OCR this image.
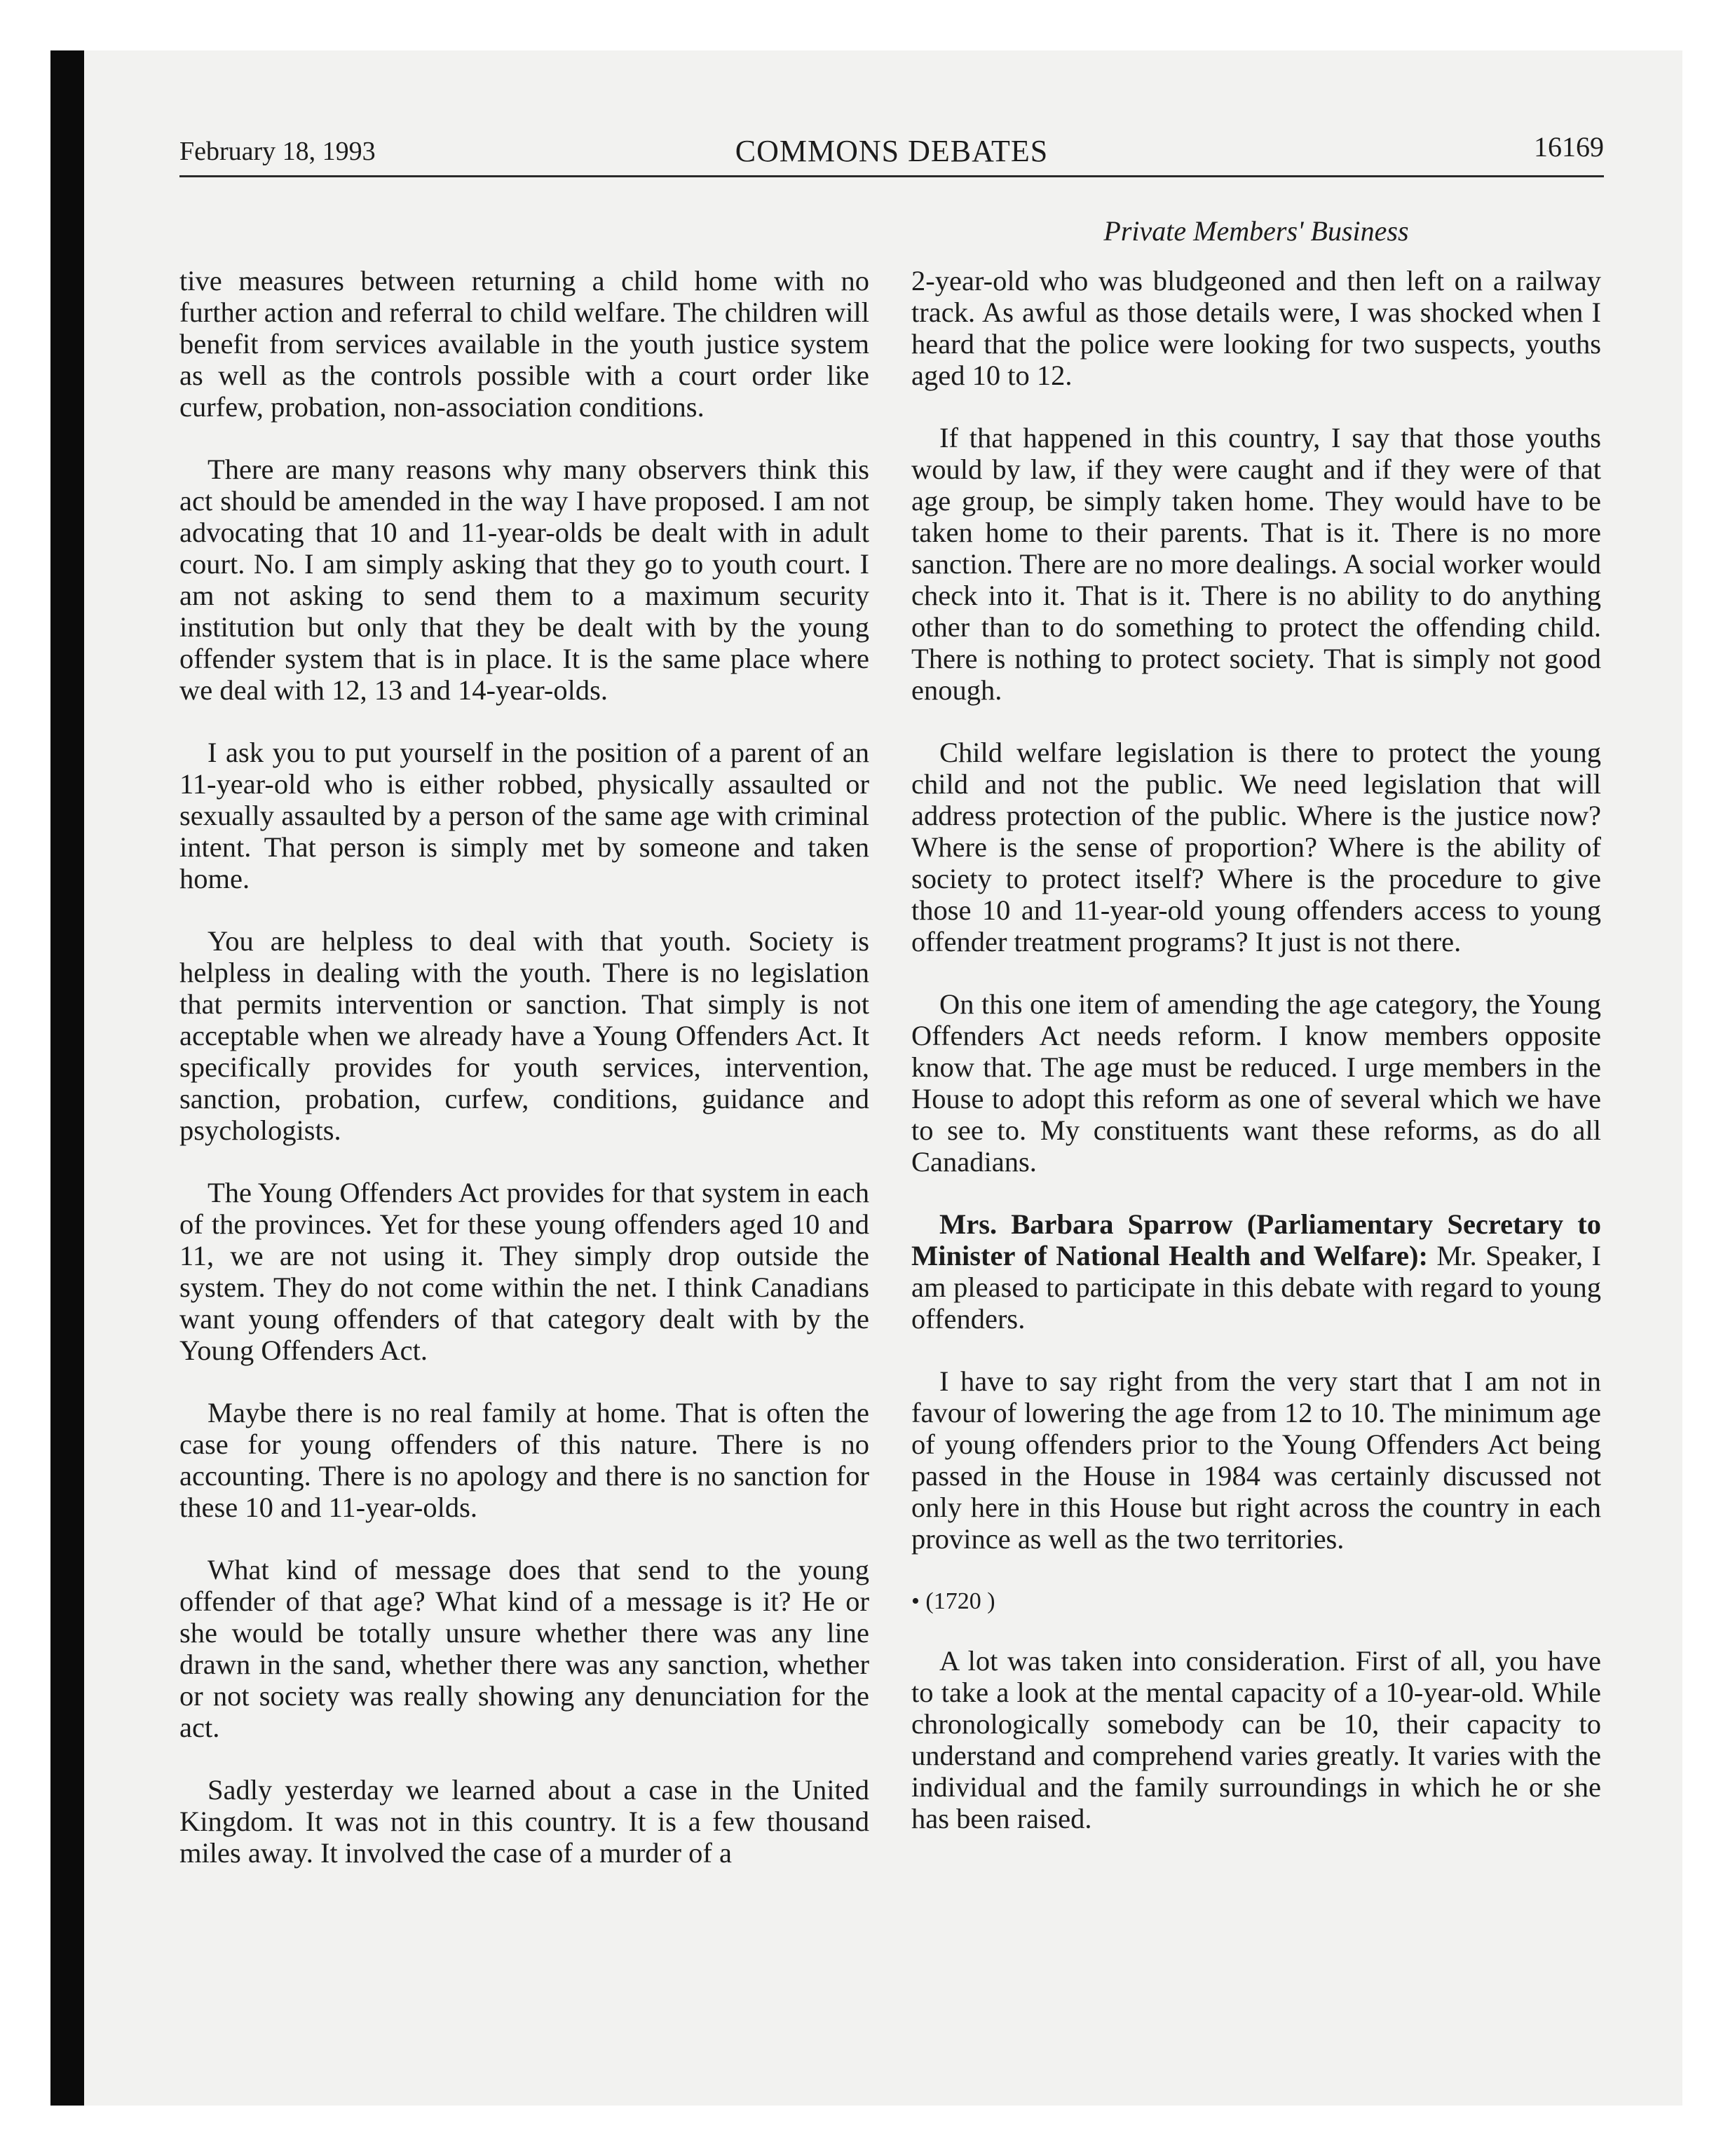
February 18, 1993	COMMONS DEBATES	16169
Private Members' Business

tive measures between returning a child home with no further action and referral to child welfare. The children will benefit from services available in the youth justice system as well as the controls possible with a court order like curfew, probation, non-association conditions.

There are many reasons why many observers think this act should be amended in the way I have proposed. I am not advocating that 10 and 11-year-olds be dealt with in adult court. No. I am simply asking that they go to youth court. I am not asking to send them to a maximum security institution but only that they be dealt with by the young offender system that is in place. It is the same place where we deal with 12, 13 and 14-year-olds.

I ask you to put yourself in the position of a parent of an 11-year-old who is either robbed, physically assaulted or sexually assaulted by a person of the same age with criminal intent. That person is simply met by someone and taken home.

You are helpless to deal with that youth. Society is helpless in dealing with the youth. There is no legislation that permits intervention or sanction. That simply is not acceptable when we already have a Young Offenders Act. It specifically provides for youth services, intervention, sanction, probation, curfew, conditions, guidance and psychologists.

The Young Offenders Act provides for that system in each of the provinces. Yet for these young offenders aged 10 and 11, we are not using it. They simply drop outside the system. They do not come within the net. I think Canadians want young offenders of that category dealt with by the Young Offenders Act.

Maybe there is no real family at home. That is often the case for young offenders of this nature. There is no accounting. There is no apology and there is no sanction for these 10 and 11-year-olds.

What kind of message does that send to the young offender of that age? What kind of a message is it? He or she would be totally unsure whether there was any line drawn in the sand, whether there was any sanction, whether or not society was really showing any denunciation for the act.

Sadly yesterday we learned about a case in the United Kingdom. It was not in this country. It is a few thousand miles away. It involved the case of a murder of a

2-year-old who was bludgeoned and then left on a railway track. As awful as those details were, I was shocked when I heard that the police were looking for two suspects, youths aged 10 to 12.

If that happened in this country, I say that those youths would by law, if they were caught and if they were of that age group, be simply taken home. They would have to be taken home to their parents. That is it. There is no more sanction. There are no more dealings. A social worker would check into it. That is it. There is no ability to do anything other than to do something to protect the offending child. There is nothing to protect society. That is simply not good enough.

Child welfare legislation is there to protect the young child and not the public. We need legislation that will address protection of the public. Where is the justice now? Where is the sense of proportion? Where is the ability of society to protect itself? Where is the procedure to give those 10 and 11-year-old young offenders access to young offender treatment programs? It just is not there.

On this one item of amending the age category, the Young Offenders Act needs reform. I know members opposite know that. The age must be reduced. I urge members in the House to adopt this reform as one of several which we have to see to. My constituents want these reforms, as do all Canadians.

Mrs. Barbara Sparrow (Parliamentary Secretary to Minister of National Health and Welfare): Mr. Speaker, I am pleased to participate in this debate with regard to young offenders.

I have to say right from the very start that I am not in favour of lowering the age from 12 to 10. The minimum age of young offenders prior to the Young Offenders Act being passed in the House in 1984 was certainly discussed not only here in this House but right across the country in each province as well as the two territories.

• (1720 )

A lot was taken into consideration. First of all, you have to take a look at the mental capacity of a 10-year-old. While chronologically somebody can be 10, their capacity to understand and comprehend varies greatly. It varies with the individual and the family surroundings in which he or she has been raised.
